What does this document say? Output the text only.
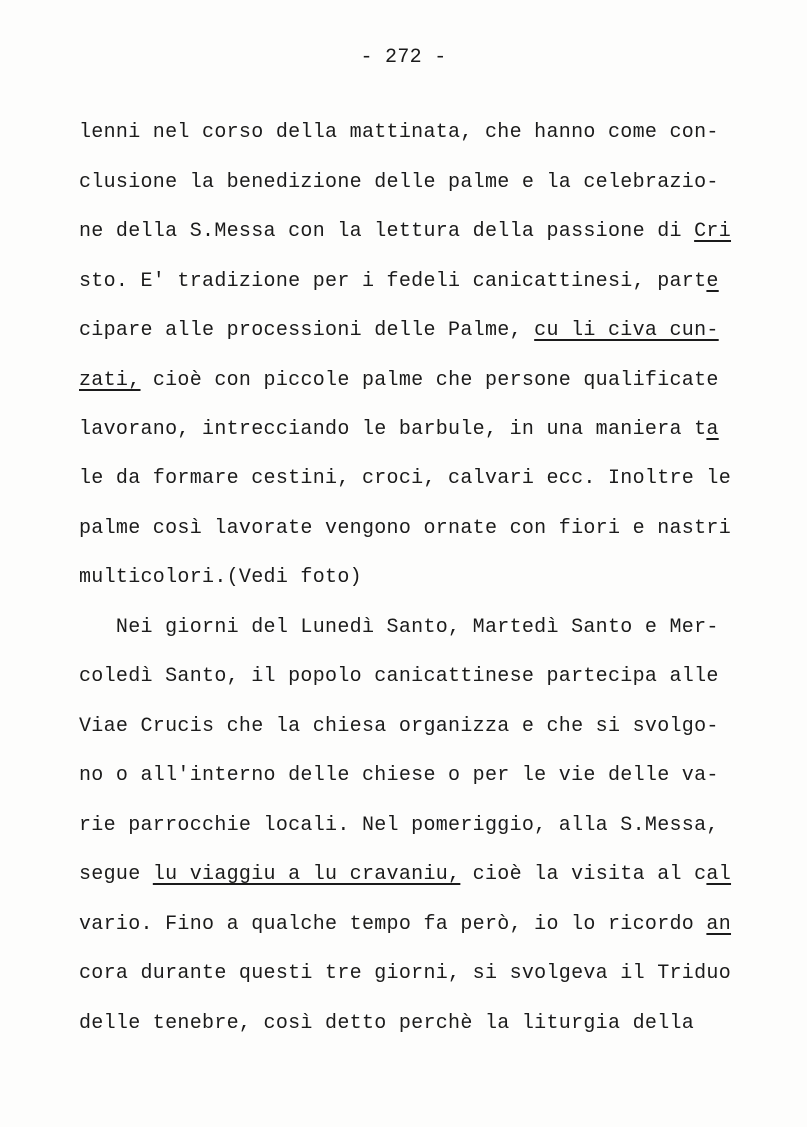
- 272 -
lenni nel corso della mattinata, che hanno come con-
clusione la benedizione delle palme e la celebrazio-
ne della S.Messa con la lettura della passione di Cri
sto. E' tradizione per i fedeli canicattinesi, parte
cipare alle processioni delle Palme, cu li civa cun-
zati, cioè con piccole palme che persone qualificate
lavorano, intrecciando le barbule, in una maniera ta
le da formare cestini, croci, calvari ecc. Inoltre le
palme così lavorate vengono ornate con fiori e nastri
multicolori.(Vedi foto)
Nei giorni del Lunedì Santo, Martedì Santo e Mer-
coledì Santo, il popolo canicattinese partecipa alle
Viae Crucis che la chiesa organizza e che si svolgo-
no o all'interno delle chiese o per le vie delle va-
rie parrocchie locali. Nel pomeriggio, alla S.Messa,
segue lu viaggiu a lu cravaniu, cioè la visita al cal
vario. Fino a qualche tempo fa però, io lo ricordo an
cora durante questi tre giorni, si svolgeva il Triduo
delle tenebre, così detto perchè la liturgia della
